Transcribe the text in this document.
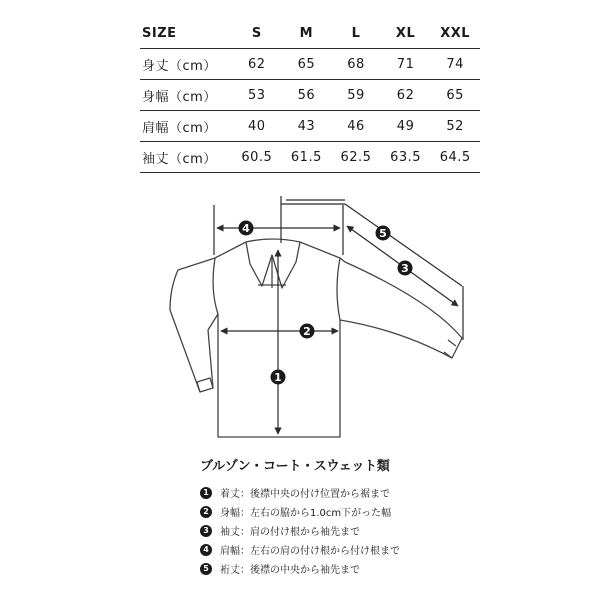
SIZE	S	M	L	XL	XXL
身丈（cm）	62	65	68	71	74
身幅（cm）	53	56	59	62	65
肩幅（cm）	40	43	46	49	52
袖丈（cm）	60.5	61.5	62.5	63.5	64.5
4	5
3
2
1
ブルゾン・コート・スウェット類
1	着丈：後襟中央の付け位置から裾まで
2	身幅：左右の脇から1.0cm下がった幅
3	袖丈：肩の付け根から袖先まで
4	肩幅：左右の肩の付け根から付け根まで
5	裄丈：後襟の中央から袖先まで
